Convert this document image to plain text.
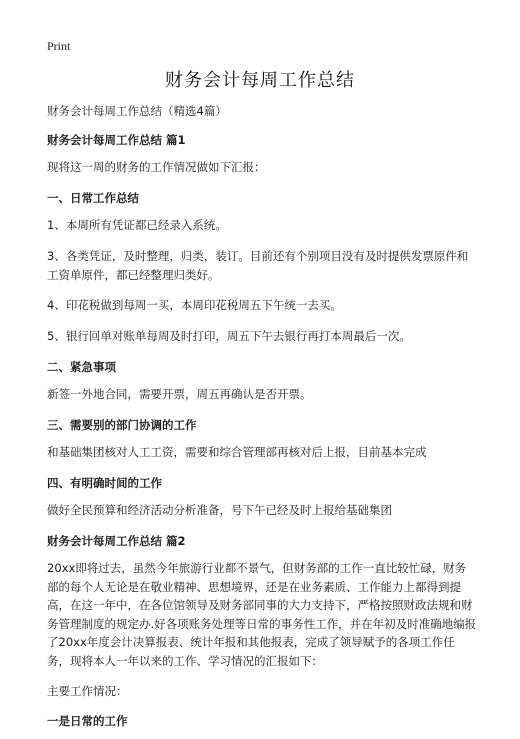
Print
财务会计每周工作总结

财务会计每周工作总结（精选4篇）

财务会计每周工作总结 篇1

现将这一周的财务的工作情况做如下汇报：

一、日常工作总结

1、本周所有凭证都已经录入系统。

3、各类凭证，及时整理，归类，装订。目前还有个别项目没有及时提供发票原件和工资单原件，都已经整理归类好。

4、印花税做到每周一买，本周印花税周五下午统一去买。

5、银行回单对账单每周及时打印，周五下午去银行再打本周最后一次。

二、紧急事项

新签一外地合同，需要开票，周五再确认是否开票。

三、需要别的部门协调的工作

和基础集团核对人工工资，需要和综合管理部再核对后上报，目前基本完成

四、有明确时间的工作

做好全民预算和经济活动分析准备，号下午已经及时上报给基础集团

财务会计每周工作总结 篇2

20xx即将过去，虽然今年旅游行业都不景气，但财务部的工作一直比较忙碌，财务部的每个人无论是在敬业精神、思想境界，还是在业务素质、工作能力上都得到提高，在这一年中，在各位馆领导及财务部同事的大力支持下，严格按照财政法规和财务管理制度的规定办.好各项账务处理等日常的事务性工作，并在年初及时准确地编报了20xx年度会计决算报表、统计年报和其他报表，完成了领导赋予的各项工作任务，现将本人一年以来的工作、学习情况的汇报如下：

主要工作情况：

一是日常的工作
